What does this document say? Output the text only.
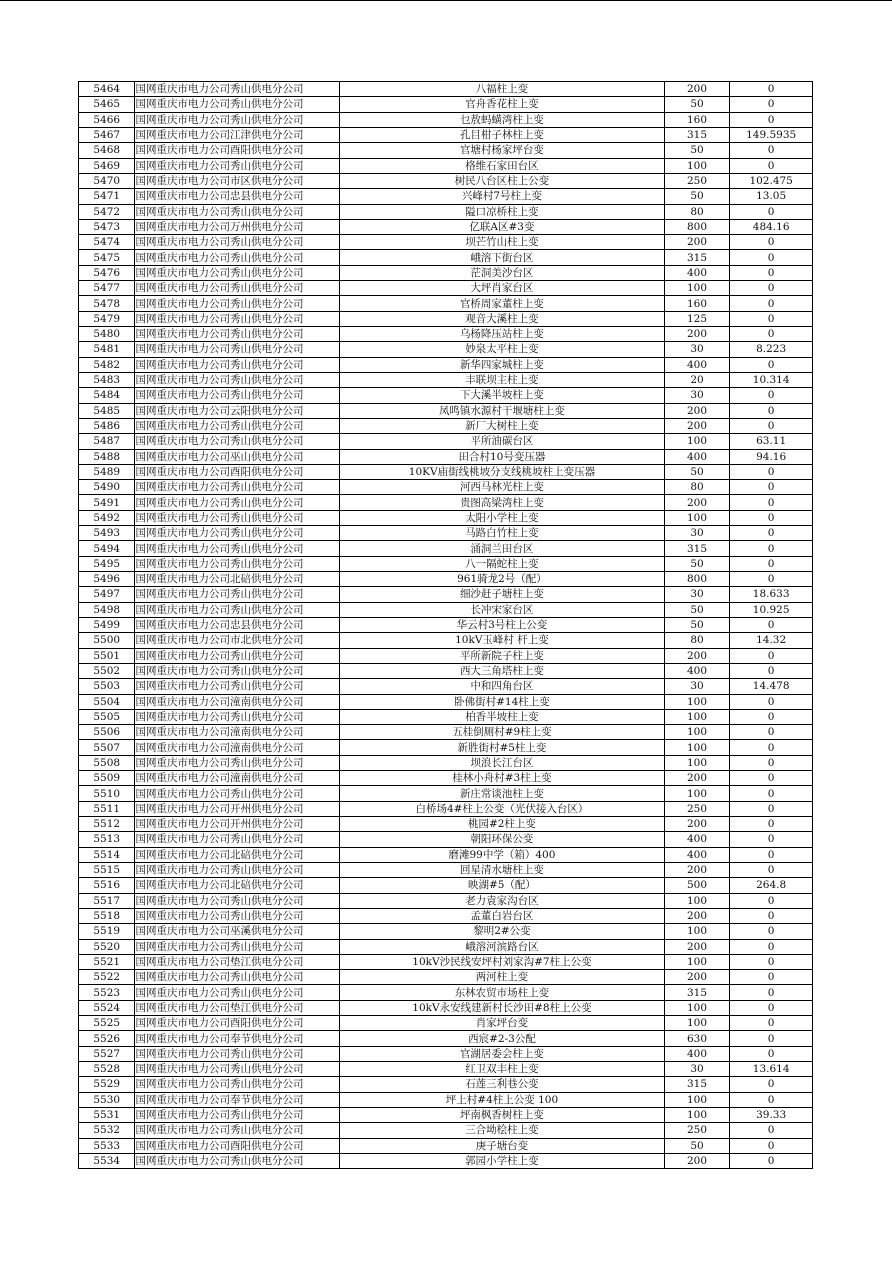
5464	国网重庆市电力公司秀山供电分公司	八福柱上变	200	0
5465	国网重庆市电力公司秀山供电分公司	官舟香花柱上变	50	0
5466	国网重庆市电力公司秀山供电分公司	乜敖蚂蟥湾柱上变	160	0
5467	国网重庆市电力公司江津供电分公司	孔目柑子林柱上变	315	149.5935
5468	国网重庆市电力公司酉阳供电分公司	官塘村杨家坪台变	50	0
5469	国网重庆市电力公司秀山供电分公司	格维石家田台区	100	0
5470	国网重庆市电力公司市区供电分公司	树民八台区柱上公变	250	102.475
5471	国网重庆市电力公司忠县供电分公司	兴峰村7号柱上变	50	13.05
5472	国网重庆市电力公司秀山供电分公司	隘口凉桥柱上变	80	0
5473	国网重庆市电力公司万州供电分公司	亿联A区#3变	800	484.16
5474	国网重庆市电力公司秀山供电分公司	坝芒竹山柱上变	200	0
5475	国网重庆市电力公司秀山供电分公司	峨溶下街台区	315	0
5476	国网重庆市电力公司秀山供电分公司	茫洞美沙台区	400	0
5477	国网重庆市电力公司秀山供电分公司	大坪肖家台区	100	0
5478	国网重庆市电力公司秀山供电分公司	官桥周家董柱上变	160	0
5479	国网重庆市电力公司秀山供电分公司	观音大溪柱上变	125	0
5480	国网重庆市电力公司秀山供电分公司	乌杨降压站柱上变	200	0
5481	国网重庆市电力公司秀山供电分公司	妙泉太平柱上变	30	8.223
5482	国网重庆市电力公司秀山供电分公司	新华四家城柱上变	400	0
5483	国网重庆市电力公司秀山供电分公司	丰联坝主柱上变	20	10.314
5484	国网重庆市电力公司秀山供电分公司	下大溪半坡柱上变	30	0
5485	国网重庆市电力公司云阳供电分公司	凤鸣镇水源村干堰塘柱上变	200	0
5486	国网重庆市电力公司秀山供电分公司	新厂大树柱上变	200	0
5487	国网重庆市电力公司秀山供电分公司	平所油碳台区	100	63.11
5488	国网重庆市电力公司巫山供电分公司	田合村10号变压器	400	94.16
5489	国网重庆市电力公司酉阳供电分公司	10KV庙街线桃坡分支线桃坡柱上变压器	50	0
5490	国网重庆市电力公司秀山供电分公司	河西马林光柱上变	80	0
5491	国网重庆市电力公司秀山供电分公司	贵图高梁湾柱上变	200	0
5492	国网重庆市电力公司秀山供电分公司	太阳小学柱上变	100	0
5493	国网重庆市电力公司秀山供电分公司	马路白竹柱上变	30	0
5494	国网重庆市电力公司秀山供电分公司	涌洞兰田台区	315	0
5495	国网重庆市电力公司秀山供电分公司	八一隔蛇柱上变	50	0
5496	国网重庆市电力公司北碚供电分公司	961骑龙2号（配）	800	0
5497	国网重庆市电力公司秀山供电分公司	细沙赶子塘柱上变	30	18.633
5498	国网重庆市电力公司秀山供电分公司	长冲宋家台区	50	10.925
5499	国网重庆市电力公司忠县供电分公司	华云村3号柱上公变	50	0
5500	国网重庆市电力公司市北供电分公司	10kV玉峰村 杆上变	80	14.32
5501	国网重庆市电力公司秀山供电分公司	平所新院子柱上变	200	0
5502	国网重庆市电力公司秀山供电分公司	西大三角塔柱上变	400	0
5503	国网重庆市电力公司秀山供电分公司	中和四角台区	30	14.478
5504	国网重庆市电力公司潼南供电分公司	卧佛街村#14柱上变	100	0
5505	国网重庆市电力公司秀山供电分公司	柏香半坡柱上变	100	0
5506	国网重庆市电力公司潼南供电分公司	五桂倒厕村#9柱上变	100	0
5507	国网重庆市电力公司潼南供电分公司	新胜街村#5柱上变	100	0
5508	国网重庆市电力公司秀山供电分公司	坝浪长江台区	100	0
5509	国网重庆市电力公司潼南供电分公司	桂林小舟村#3柱上变	200	0
5510	国网重庆市电力公司秀山供电分公司	新庄常谈池柱上变	100	0
5511	国网重庆市电力公司开州供电分公司	白桥场4#柱上公变（光伏接入台区）	250	0
5512	国网重庆市电力公司开州供电分公司	桃园#2柱上变	200	0
5513	国网重庆市电力公司秀山供电分公司	朝阳环保公变	400	0
5514	国网重庆市电力公司北碚供电分公司	磨滩99中学（箱）400	400	0
5515	国网重庆市电力公司秀山供电分公司	回星清水塘柱上变	200	0
5516	国网重庆市电力公司北碚供电分公司	映湖#5（配）	500	264.8
5517	国网重庆市电力公司秀山供电分公司	老力袁家沟台区	100	0
5518	国网重庆市电力公司秀山供电分公司	孟董白岩台区	200	0
5519	国网重庆市电力公司巫溪供电分公司	黎明2#公变	100	0
5520	国网重庆市电力公司秀山供电分公司	峨溶河滨路台区	200	0
5521	国网重庆市电力公司垫江供电分公司	10kV沙民线安坪村刘家沟#7柱上公变	100	0
5522	国网重庆市电力公司秀山供电分公司	两河柱上变	200	0
5523	国网重庆市电力公司秀山供电分公司	东林农贸市场柱上变	315	0
5524	国网重庆市电力公司垫江供电分公司	10kV永安线建新村长沙田#8柱上公变	100	0
5525	国网重庆市电力公司酉阳供电分公司	肖家坪台变	100	0
5526	国网重庆市电力公司奉节供电分公司	西宸#2-3公配	630	0
5527	国网重庆市电力公司秀山供电分公司	官湖居委会柱上变	400	0
5528	国网重庆市电力公司秀山供电分公司	红卫双丰柱上变	30	13.614
5529	国网重庆市电力公司秀山供电分公司	石莲三利巷公变	315	0
5530	国网重庆市电力公司奉节供电分公司	坪上村#4柱上公变 100	100	0
5531	国网重庆市电力公司秀山供电分公司	坪南枫香树柱上变	100	39.33
5532	国网重庆市电力公司秀山供电分公司	三合坳桧柱上变	250	0
5533	国网重庆市电力公司酉阳供电分公司	庚子塘台变	50	0
5534	国网重庆市电力公司秀山供电分公司	郭园小学柱上变	200	0
